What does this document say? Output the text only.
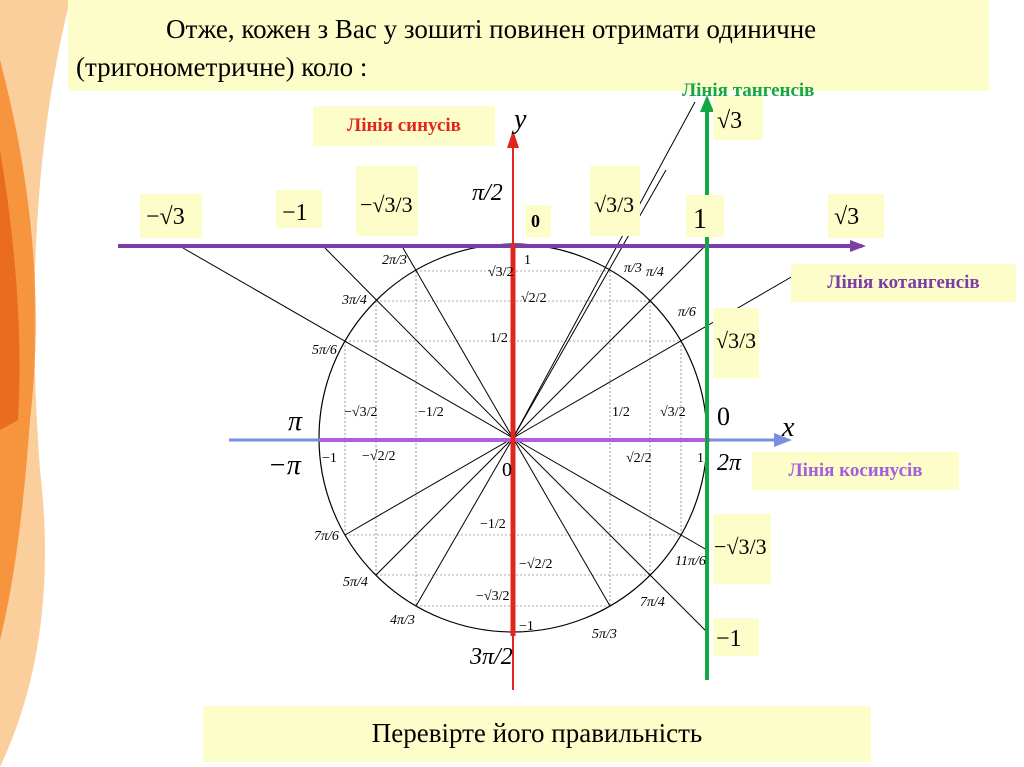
Отже, кожен з Вас у зошиті повинен отримати одиничне (тригонометричне) коло :
y
x
0
π
−π
0
2π
π/2
3π/2
−√3	−1 −√3/3
0
√3/3 1	√3
√3
√3/3
−√3/3
−1
π/3 π/4
π/6
2π/3
3π/4
5π/6
7π/6
5π/4
4π/3
5π/3
7π/4
11π/6
1
√3/2
√2/2
1/2
−1/2
−√2/2
−√3/2
−1
−1
−√3/2
−√2/2
−1/2	1/2
√2/2
√3/2
1
Лінія синусів
Лінія тангенсів
Лінія котангенсів
Лінія косинусів
Перевірте його правильність
